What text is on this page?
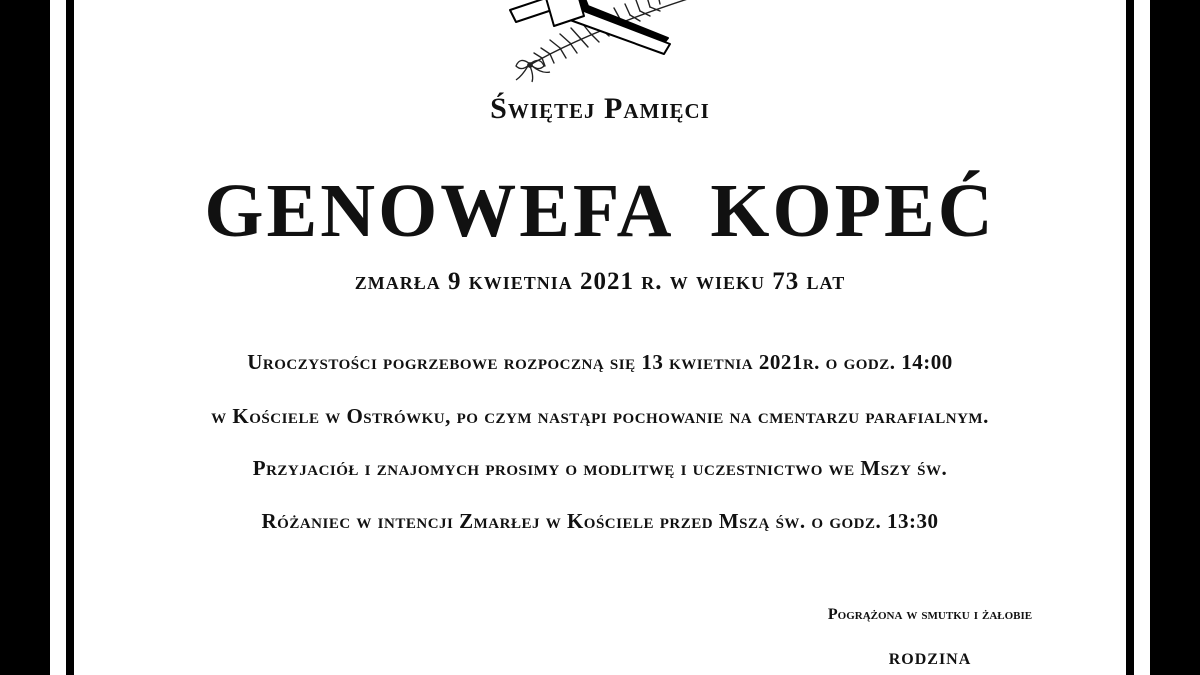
Świętej Pamięci
GENOWEFA KOPEĆ
zmarła 9 kwietnia 2021 r. w wieku 73 lat
Uroczystości pogrzebowe rozpoczną się 13 kwietnia 2021r. o godz. 14:00
w Kościele w Ostrówku, po czym nastąpi pochowanie na cmentarzu parafialnym.
Przyjaciół i znajomych prosimy o modlitwę i uczestnictwo we Mszy św.
Różaniec w intencji Zmarłej w Kościele przed Mszą św. o godz. 13:30
Pogrążona w smutku i żałobie
RODZINA
